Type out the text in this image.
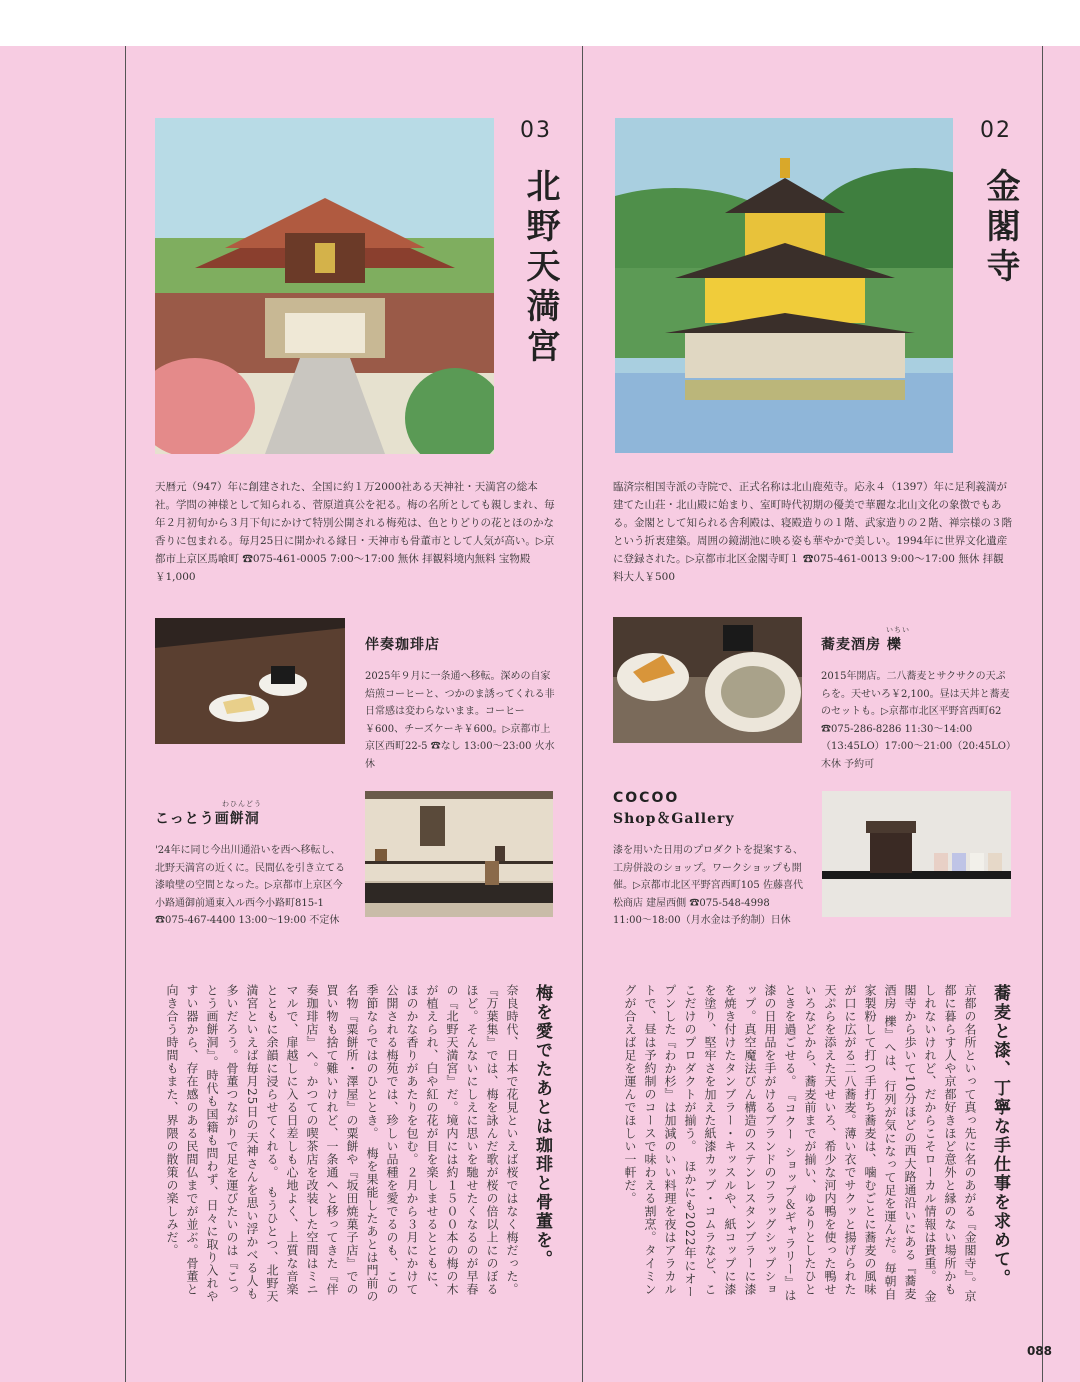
03
北野天満宮
天暦元（947）年に創建された、全国に約１万2000社ある天神社・天満宮の総本社。学問の神様として知られる、菅原道真公を祀る。梅の名所としても親しまれ、毎年２月初旬から３月下旬にかけて特別公開される梅苑は、色とりどりの花とほのかな香りに包まれる。毎月25日に開かれる縁日・天神市も骨董市として人気が高い。▷京都市上京区馬喰町 ☎075-461-0005 7:00〜17:00 無休 拝観料境内無料 宝物殿￥1,000
02
金閣寺
臨済宗相国寺派の寺院で、正式名称は北山鹿苑寺。応永４（1397）年に足利義満が建てた山荘・北山殿に始まり、室町時代初期の優美で華麗な北山文化の象徴でもある。金閣として知られる舎利殿は、寝殿造りの１階、武家造りの２階、禅宗様の３階という折衷建築。周囲の鏡湖池に映る姿も華やかで美しい。1994年に世界文化遺産に登録された。▷京都市北区金閣寺町１ ☎075-461-0013 9:00〜17:00 無休 拝観料大人￥500
伴奏珈琲店
2025年９月に一条通へ移転。深めの自家焙煎コーヒーと、つかのま誘ってくれる非日常感は変わらないまま。コーヒー￥600、チーズケーキ￥600。▷京都市上京区西町22-5 ☎なし 13:00〜23:00 火水休
蕎麦酒房 櫟
いちい
2015年開店。二八蕎麦とサクサクの天ぷらを。天せいろ￥2,100。昼は天丼と蕎麦のセットも。▷京都市北区平野宮西町62 ☎075-286-8286 11:30〜14:00（13:45LO）17:00〜21:00（20:45LO）木休 予約可
こっとう画餅洞
わひんどう
'24年に同じ今出川通沿いを西へ移転し、北野天満宮の近くに。民間仏を引き立てる漆喰壁の空間となった。▷京都市上京区今小路通御前通東入ル西今小路町815-1 ☎075-467-4400 13:00〜19:00 不定休
COCOO
Shop＆Gallery
漆を用いた日用のプロダクトを提案する、工房併設のショップ。ワークショップも開催。▷京都市北区平野宮西町105 佐藤喜代松商店 建屋西側 ☎075-548-4998 11:00〜18:00（月水金は予約制）日休
蕎麦と漆、丁寧な手仕事を求めて。
京都の名所といって真っ先に名のあがる『金閣寺』。京都に暮らす人や京都好きほど意外と縁のない場所かもしれないけれど、だからこそローカル情報は貴重。　金閣寺から歩いて10分ほどの西大路通沿いにある『蕎麦酒房 櫟』へは、行列が気になって足を運んだ。毎朝自家製粉して打つ手打ち蕎麦は、噛むごとに蕎麦の風味が口に広がる二八蕎麦。薄い衣でサクッと揚げられた天ぷらを添えた天せいろ、希少な河内鴨を使った鴨せいろなどから、蕎麦前までが揃い、ゆるりとしたひとときを過ごせる。　『コクー ショップ＆ギャラリー』は漆の日用品を手がけるブランドのフラッグシップショップ。真空魔法びん構造のステンレスタンブラーに漆を焼き付けたタンブラー・キッスルや、紙コップに漆を塗り、堅牢さを加えた紙漆カップ・コムラなど、ここだけのプロダクトが揃う。　ほかにも2022年にオープンした『わか杉』は加減のいい料理を夜はアラカルトで、昼は予約制のコースで味わえる割烹。タイミングが合えば足を運んでほしい一軒だ。
梅を愛でたあとは珈琲と骨董を。
奈良時代、日本で花見といえば桜ではなく梅だった。『万葉集』では、梅を詠んだ歌が桜の倍以上にのぼるほど。そんないにしえに思いを馳せたくなるのが早春の『北野天満宮』だ。境内には約１５００本の梅の木が植えられ、白や紅の花が目を楽しませるとともに、ほのかな香りがあたりを包む。２月から３月にかけて公開される梅苑では、珍しい品種を愛でるのも、この季節ならではのひととき。　梅を果能したあとは門前の名物『粟餅所・澤屋』の粟餅や『坂田焼菓子店』での買い物も捨て難いけれど、一条通へと移ってきた『伴奏珈琲店』へ。かつての喫茶店を改装した空間はミニマルで、扉越しに入る日差しも心地よく、上質な音楽とともに余韻に浸らせてくれる。　もうひとつ、北野天満宮といえば毎月25日の天神さんを思い浮かべる人も多いだろう。骨董つながりで足を運びたいのは『こっとう画餅洞』。時代も国籍も問わず、日々に取り入れやすい器から、存在感のある民間仏までが並ぶ。骨董と向き合う時間もまた、界隈の散策の楽しみだ。
088
